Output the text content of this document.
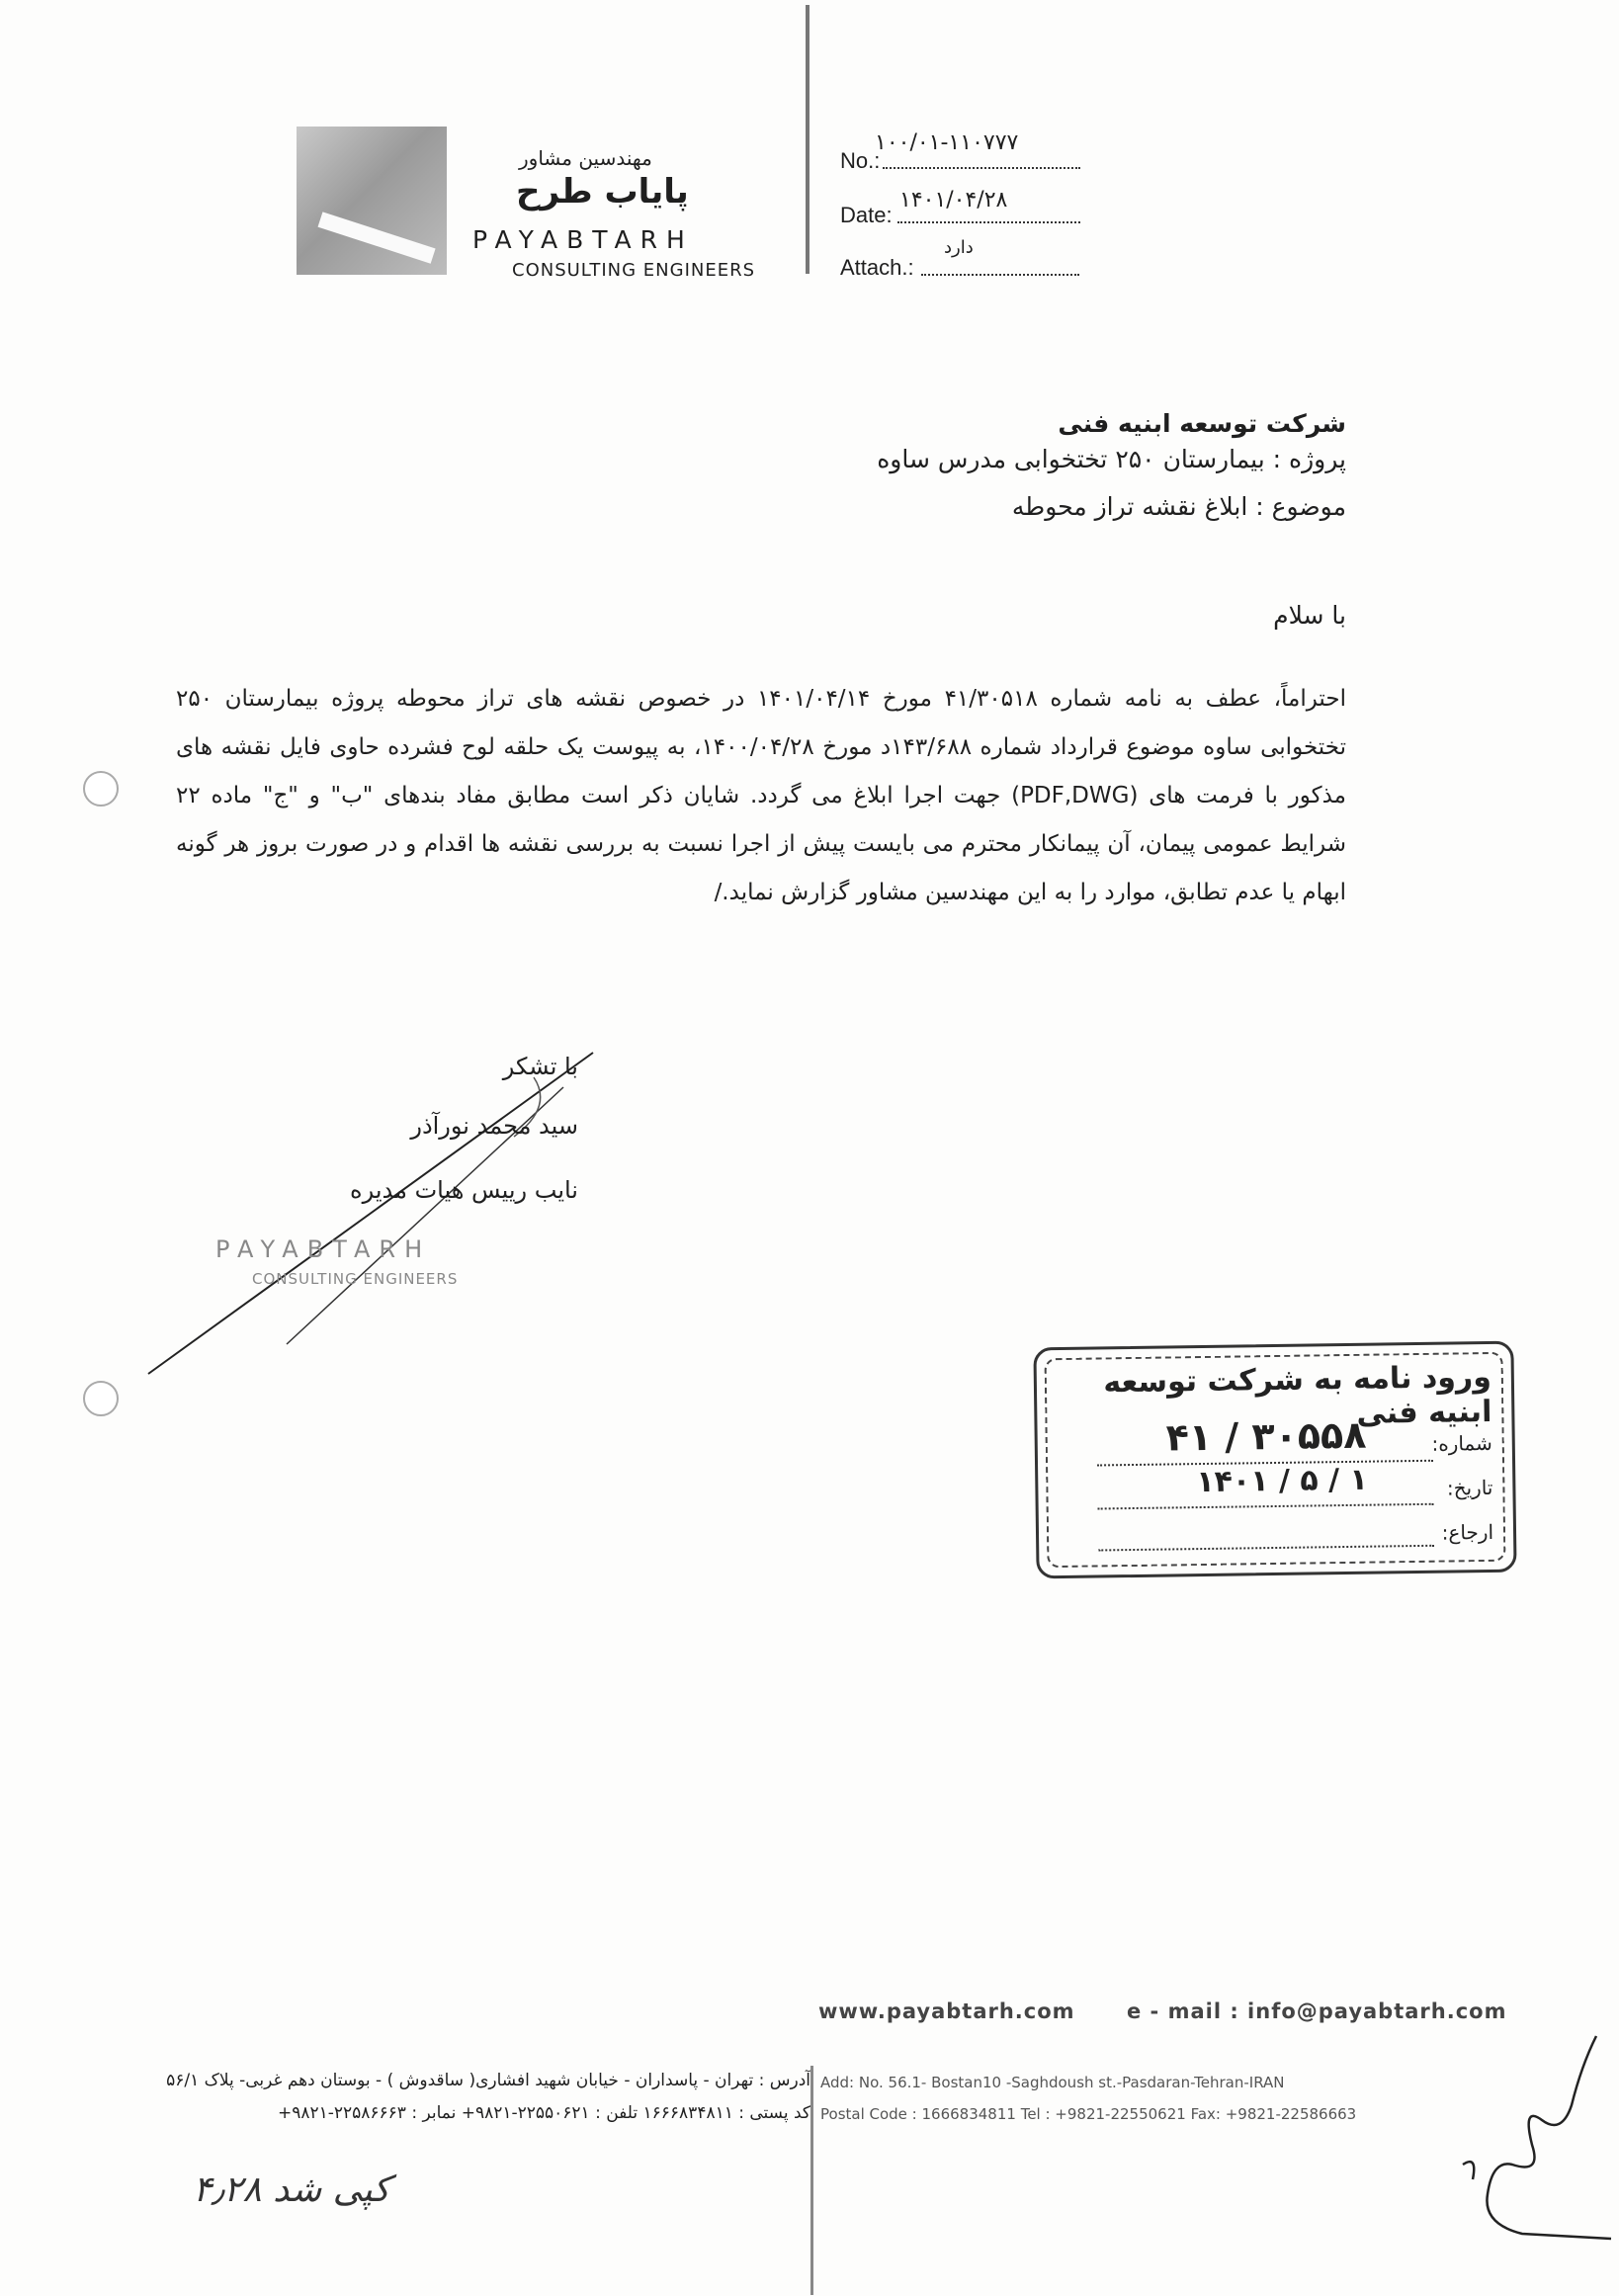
مهندسین مشاور
پایاب طرح
PAYABTARH
CONSULTING ENGINEERS
۱۰۰/۰۱-۱۱۰۷۷۷
No.:
۱۴۰۱/۰۴/۲۸
Date:
دارد
Attach.:
شرکت توسعه ابنیه فنی
پروژه : بیمارستان ۲۵۰ تختخوابی مدرس ساوه
موضوع : ابلاغ نقشه تراز محوطه
با سلام
احتراماً، عطف به نامه شماره ۴۱/۳۰۵۱۸ مورخ ۱۴۰۱/۰۴/۱۴ در خصوص نقشه های تراز محوطه پروژه بیمارستان ۲۵۰ تختخوابی ساوه موضوع قرارداد شماره ۱۴۳/۶۸۸د مورخ ۱۴۰۰/۰۴/۲۸، به پیوست یک حلقه لوح فشرده حاوی فایل نقشه های مذکور با فرمت های (PDF,DWG) جهت اجرا ابلاغ می گردد. شایان ذکر است مطابق مفاد بندهای "ب" و "ج" ماده ۲۲ شرایط عمومی پیمان، آن پیمانکار محترم می بایست پیش از اجرا نسبت به بررسی نقشه ها اقدام و در صورت بروز هر گونه ابهام یا عدم تطابق، موارد را به این مهندسین مشاور گزارش نماید./
با تشکر
سید محمد نورآذر
نایب رییس هیات مدیره
PAYABTARH
CONSULTING ENGINEERS
ورود نامه به شرکت توسعه ابنیه فنی
شماره:
۴۱ / ۳۰۵۵۸
تاریخ:
۱۴۰۱ / ۵ / ۱
ارجاع:
www.payabtarh.com e - mail : info@payabtarh.com
آدرس : تهران - پاسداران - خیابان شهید افشاری( ساقدوش ) - بوستان دهم غربی- پلاک ۵۶/۱
کد پستی : ۱۶۶۶۸۳۴۸۱۱ تلفن : ۲۲۵۵۰۶۲۱-۹۸۲۱+ نمابر : ۲۲۵۸۶۶۶۳-۹۸۲۱+
Add: No. 56.1- Bostan10 -Saghdoush st.-Pasdaran-Tehran-IRAN
Postal Code : 1666834811 Tel : +9821-22550621 Fax: +9821-22586663
۴٫۲۸ کپی شد
